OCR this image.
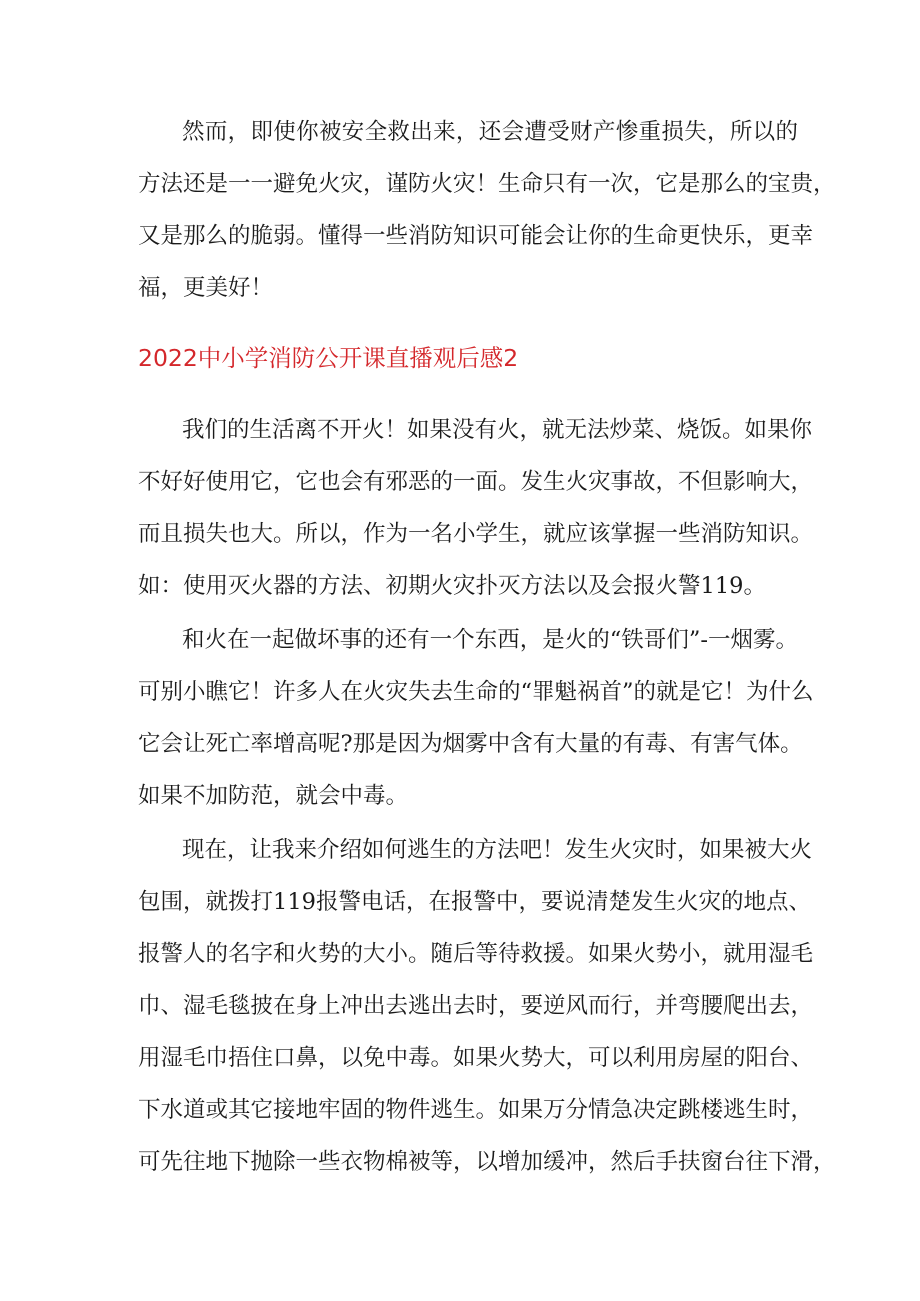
然而，即使你被安全救出来，还会遭受财产惨重损失，所以的
方法还是一一避免火灾，谨防火灾！生命只有一次，它是那么的宝贵，
又是那么的脆弱。懂得一些消防知识可能会让你的生命更快乐，更幸
福，更美好！
2022中小学消防公开课直播观后感2
我们的生活离不开火！如果没有火，就无法炒菜、烧饭。如果你
不好好使用它，它也会有邪恶的一面。发生火灾事故，不但影响大，
而且损失也大。所以，作为一名小学生，就应该掌握一些消防知识。
如：使用灭火器的方法、初期火灾扑灭方法以及会报火警119。
和火在一起做坏事的还有一个东西，是火的“铁哥们”-一烟雾。
可别小瞧它！许多人在火灾失去生命的“罪魁祸首”的就是它！为什么
它会让死亡率增高呢?那是因为烟雾中含有大量的有毒、有害气体。
如果不加防范，就会中毒。
现在，让我来介绍如何逃生的方法吧！发生火灾时，如果被大火
包围，就拨打119报警电话，在报警中，要说清楚发生火灾的地点、
报警人的名字和火势的大小。随后等待救援。如果火势小，就用湿毛
巾、湿毛毯披在身上冲出去逃出去时，要逆风而行，并弯腰爬出去，
用湿毛巾捂住口鼻，以免中毒。如果火势大，可以利用房屋的阳台、
下水道或其它接地牢固的物件逃生。如果万分情急决定跳楼逃生时，
可先往地下抛除一些衣物棉被等，以增加缓冲，然后手扶窗台往下滑，
